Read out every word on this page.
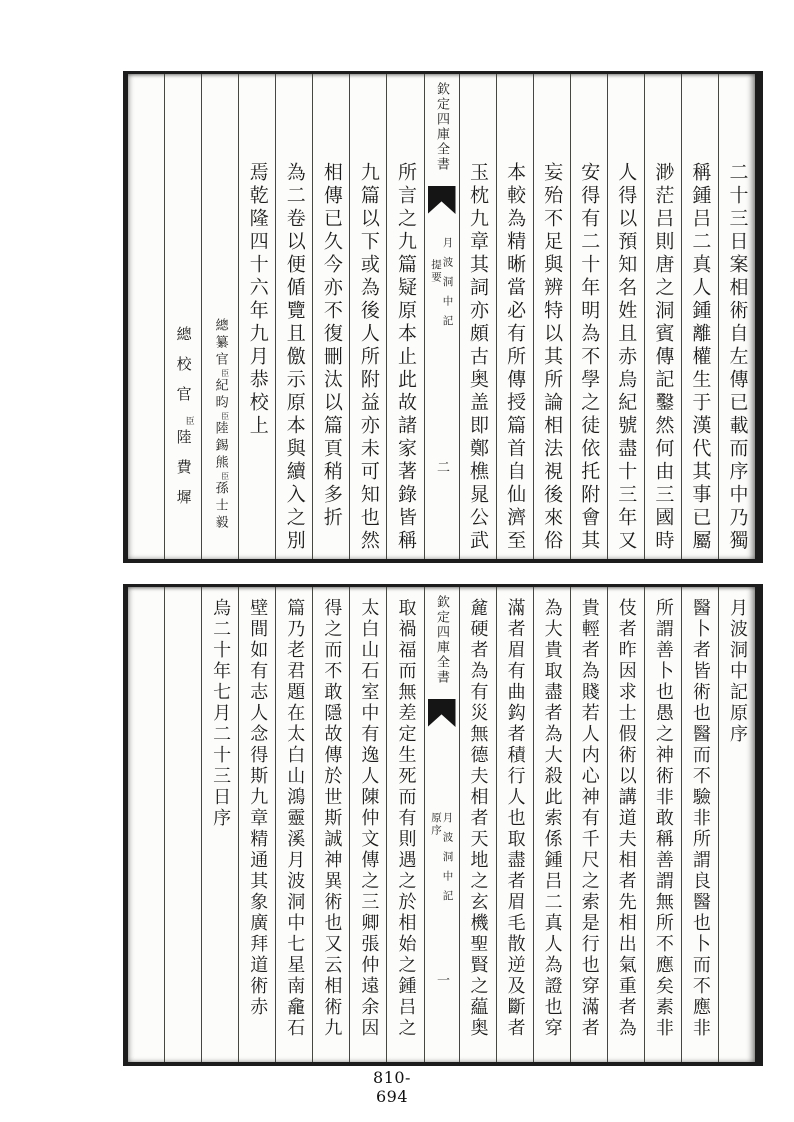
二十三日案相術自左傳已載而序中乃獨
稱鍾吕二真人鍾離權生于漢代其事已屬
渺茫吕則唐之洞賓傳記鑿然何由三國時
人得以預知名姓且赤烏紀號盡十三年又
安得有二十年明為不學之徒依托附會其
妄殆不足與辨特以其所論相法視後來俗
本較為精晰當必有所傳授篇首自仙濟至
玉枕九章其詞亦頗古奥盖即鄭樵晁公武
欽定四庫全書
月波洞中記
提要
二
所言之九篇疑原本止此故諸家著錄皆稱
九篇以下或為後人所附益亦未可知也然
相傳已久今亦不復刪汰以篇頁稍多折
為二卷以便偱覽且儌示原本與續入之別
焉乾隆四十六年九月恭校上
總纂官臣紀昀臣陸錫熊臣孫士毅
總校官臣陸費墀
月波洞中記原序
醫卜者皆術也醫而不驗非所謂良醫也卜而不應非
所謂善卜也愚之神術非敢稱善謂無所不應矣素非
伎者昨因求士假術以講道夫相者先相出氣重者為
貴輕者為賤若人内心神有千尺之索是行也穿滿者
為大貴取盡者為大殺此索係鍾吕二真人為證也穿
滿者眉有曲鈎者積行人也取盡者眉毛散逆及斷者
麄硬者為有災無德夫相者天地之玄機聖賢之藴奥
欽定四庫全書
月波洞中記
原序
一
取禍福而無差定生死而有則遇之於相始之鍾吕之
太白山石室中有逸人陳仲文傳之三卿張仲遠余因
得之而不敢隱故傳於世斯誠神異術也又云相術九
篇乃老君題在太白山鴻靈溪月波洞中七星南龕石
壁間如有志人念得斯九章精通其象廣拜道術赤
烏二十年七月二十三日序
810-694
